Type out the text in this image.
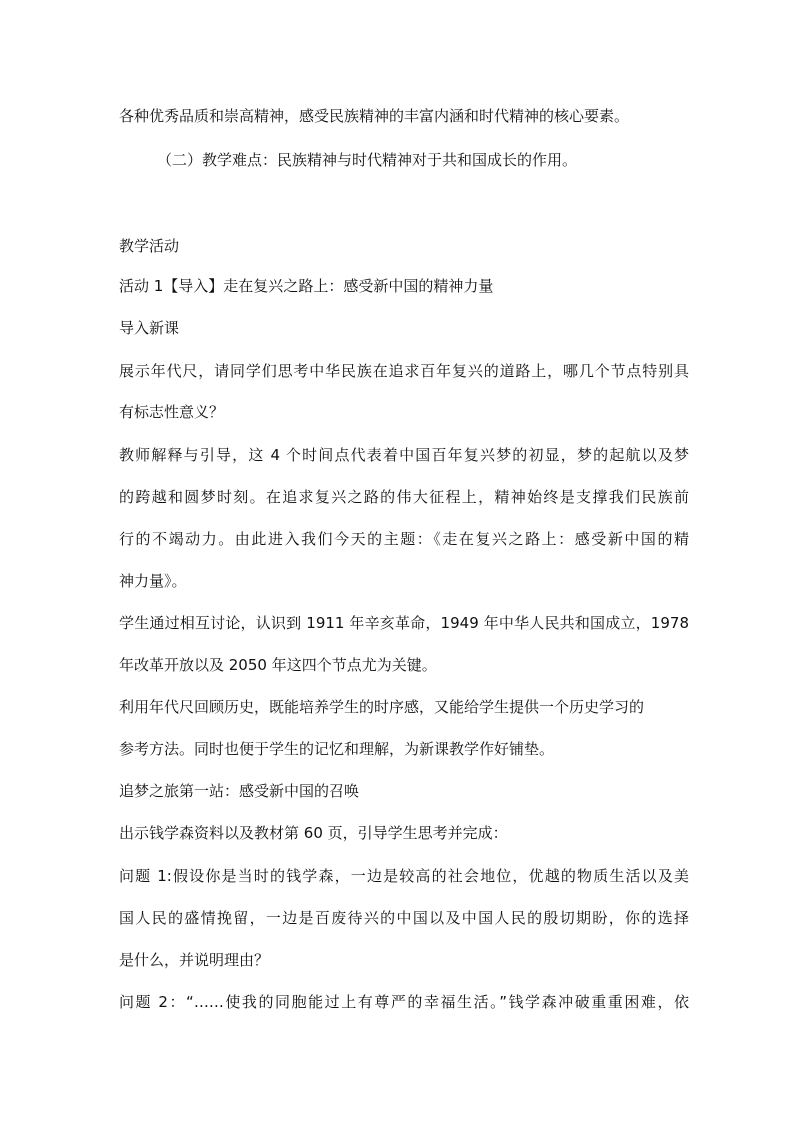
各种优秀品质和崇高精神，感受民族精神的丰富内涵和时代精神的核心要素。
（二）教学难点：民族精神与时代精神对于共和国成长的作用。
教学活动
活动 1【导入】走在复兴之路上：感受新中国的精神力量
导入新课
展示年代尺，请同学们思考中华民族在追求百年复兴的道路上，哪几个节点特别具
有标志性意义？
教师解释与引导，这 4 个时间点代表着中国百年复兴梦的初显，梦的起航以及梦
的跨越和圆梦时刻。在追求复兴之路的伟大征程上，精神始终是支撑我们民族前
行的不竭动力。由此进入我们今天的主题：《走在复兴之路上：感受新中国的精
神力量》。
学生通过相互讨论，认识到 1911 年辛亥革命，1949 年中华人民共和国成立，1978
年改革开放以及 2050 年这四个节点尤为关键。
利用年代尺回顾历史，既能培养学生的时序感，又能给学生提供一个历史学习的
参考方法。同时也便于学生的记忆和理解，为新课教学作好铺垫。
追梦之旅第一站：感受新中国的召唤
出示钱学森资料以及教材第 60 页，引导学生思考并完成：
问题 1:假设你是当时的钱学森，一边是较高的社会地位，优越的物质生活以及美
国人民的盛情挽留，一边是百废待兴的中国以及中国人民的殷切期盼，你的选择
是什么，并说明理由？
问题 2：“……使我的同胞能过上有尊严的幸福生活。”钱学森冲破重重困难，依
